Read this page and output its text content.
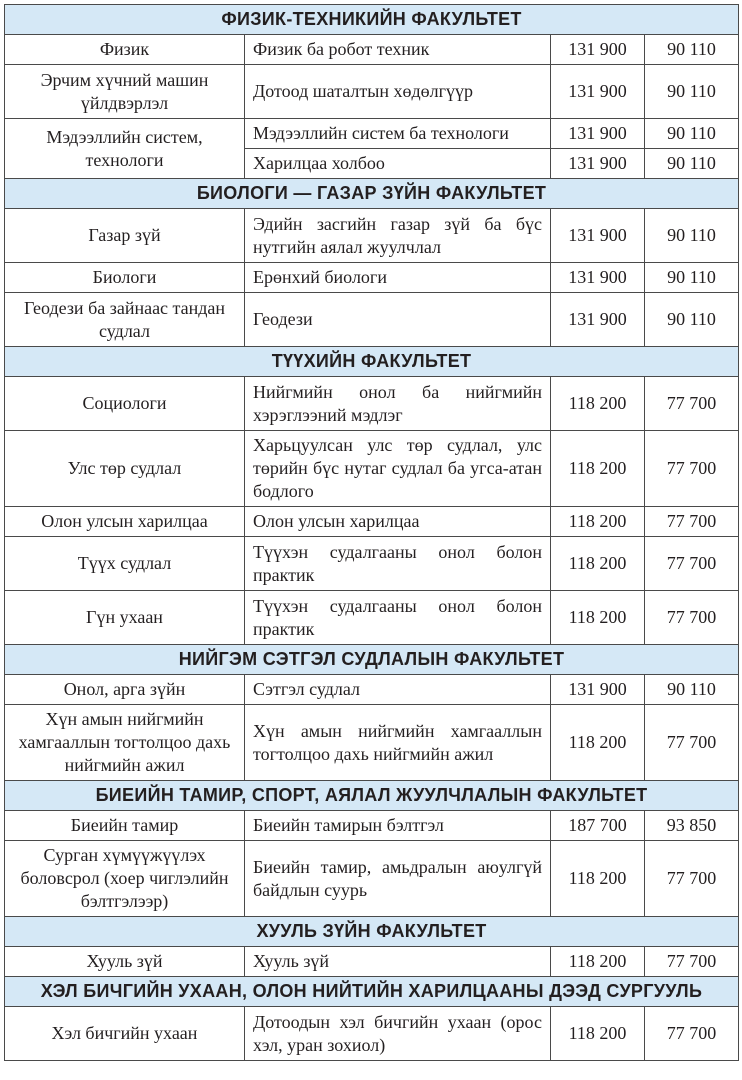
ФИЗИК-ТЕХНИКИЙН ФАКУЛЬТЕТ			
Физик	Физик ба робот техник	131 900	90 110
Эрчим хүчний машин үйлдвэрлэл	Дотоод шаталтын хөдөлгүүр	131 900	90 110
Мэдээллийн систем, технологи	Мэдээллийн систем ба технологи	131 900	90 110
	Харилцаа холбоо	131 900	90 110
БИОЛОГИ — ГАЗАР ЗҮЙН ФАКУЛЬТЕТ			
Газар зүй	Эдийн засгийн газар зүй ба бүс нутгийн аялал жуулчлал	131 900	90 110
Биологи	Ерөнхий биологи	131 900	90 110
Геодези ба зайнаас тандан судлал	Геодези	131 900	90 110
ТҮҮХИЙН ФАКУЛЬТЕТ			
Социологи	Нийгмийн онол ба нийгмийн хэрэглээний мэдлэг	118 200	77 700
Улс төр судлал	Харьцуулсан улс төр судлал, улс төрийн бүс нутаг судлал ба угса-атан бодлого	118 200	77 700
Олон улсын харилцаа	Олон улсын харилцаа	118 200	77 700
Түүх судлал	Түүхэн судалгааны онол болон практик	118 200	77 700
Гүн ухаан	Түүхэн судалгааны онол болон практик	118 200	77 700
НИЙГЭМ СЭТГЭЛ СУДЛАЛЫН ФАКУЛЬТЕТ			
Онол, арга зүйн	Сэтгэл судлал	131 900	90 110
Хүн амын нийгмийн хамгааллын тогтолцоо дахь нийгмийн ажил	Хүн амын нийгмийн хамгааллын тогтолцоо дахь нийгмийн ажил	118 200	77 700
БИЕИЙН ТАМИР, СПОРТ, АЯЛАЛ ЖУУЛЧЛАЛЫН ФАКУЛЬТЕТ			
Биеийн тамир	Биеийн тамирын бэлтгэл	187 700	93 850
Сурган хүмүүжүүлэх боловсрол (хоер чиглэлийн бэлтгэлээр)	Биеийн тамир, амьдралын аюулгүй байдлын суурь	118 200	77 700
ХУУЛЬ ЗҮЙН ФАКУЛЬТЕТ			
Хууль зүй	Хууль зүй	118 200	77 700
ХЭЛ БИЧГИЙН УХААН, ОЛОН НИЙТИЙН ХАРИЛЦААНЫ ДЭЭД СУРГУУЛЬ			
Хэл бичгийн ухаан	Дотоодын хэл бичгийн ухаан (орос хэл, уран зохиол)	118 200	77 700
